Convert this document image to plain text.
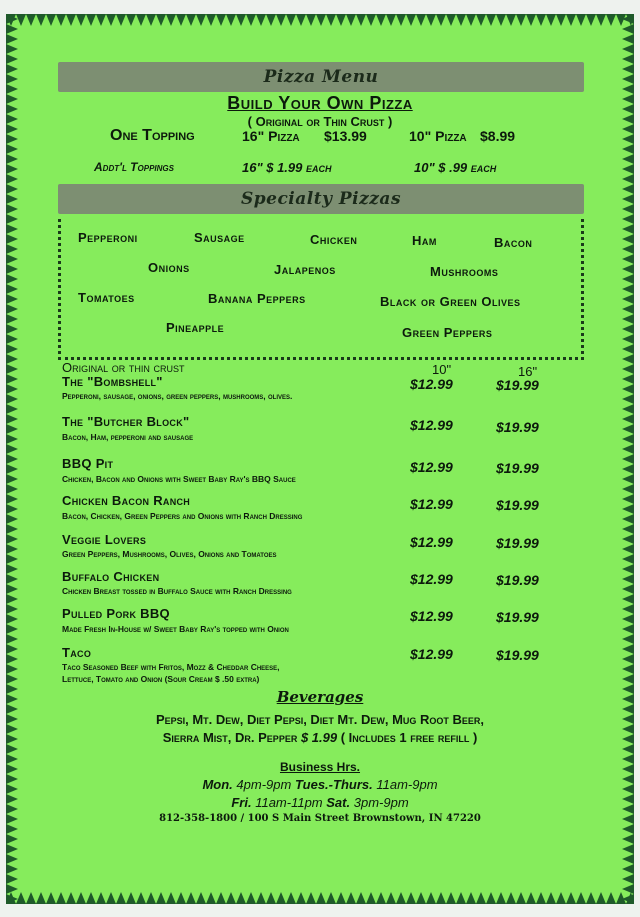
Pizza Menu
Build Your Own Pizza
( Original or Thin Crust )
One Topping	16" Pizza $13.99	10" Pizza $8.99
Addt'l Toppings	16" $ 1.99 each	10" $ .99 each
Specialty Pizzas
Pepperoni	Sausage	Chicken	Ham	Bacon
Onions	Jalapenos	Mushrooms
Tomatoes	Banana Peppers	Black or Green Olives
Pineapple	Green Peppers
Original or thin crust	10"	16"
The "Bombshell"
Pepperoni, sausage, onions, green peppers, mushrooms, olives.
$12.99	$19.99
The "Butcher Block"
Bacon, Ham, pepperoni and sausage
$12.99	$19.99
BBQ Pit
Chicken, Bacon and Onions with Sweet Baby Ray's BBQ Sauce
$12.99	$19.99
Chicken Bacon Ranch
Bacon, Chicken, Green Peppers and Onions with Ranch Dressing
$12.99	$19.99
Veggie Lovers
Green Peppers, Mushrooms, Olives, Onions and Tomatoes
$12.99	$19.99
Buffalo Chicken
Chicken Breast tossed in Buffalo Sauce with Ranch Dressing
$12.99	$19.99
Pulled Pork BBQ
Made Fresh In-House w/ Sweet Baby Ray's topped with Onion
$12.99	$19.99
Taco
Taco Seasoned Beef with Fritos, Mozz & Cheddar Cheese,
Lettuce, Tomato and Onion (Sour Cream $ .50 extra)
$12.99	$19.99
Beverages
Pepsi, Mt. Dew, Diet Pepsi, Diet Mt. Dew, Mug Root Beer,
Sierra Mist, Dr. Pepper $ 1.99 ( Includes 1 free refill )
Business Hrs.
Mon. 4pm-9pm Tues.-Thurs. 11am-9pm
Fri. 11am-11pm Sat. 3pm-9pm
812-358-1800 / 100 S Main Street Brownstown, IN 47220
